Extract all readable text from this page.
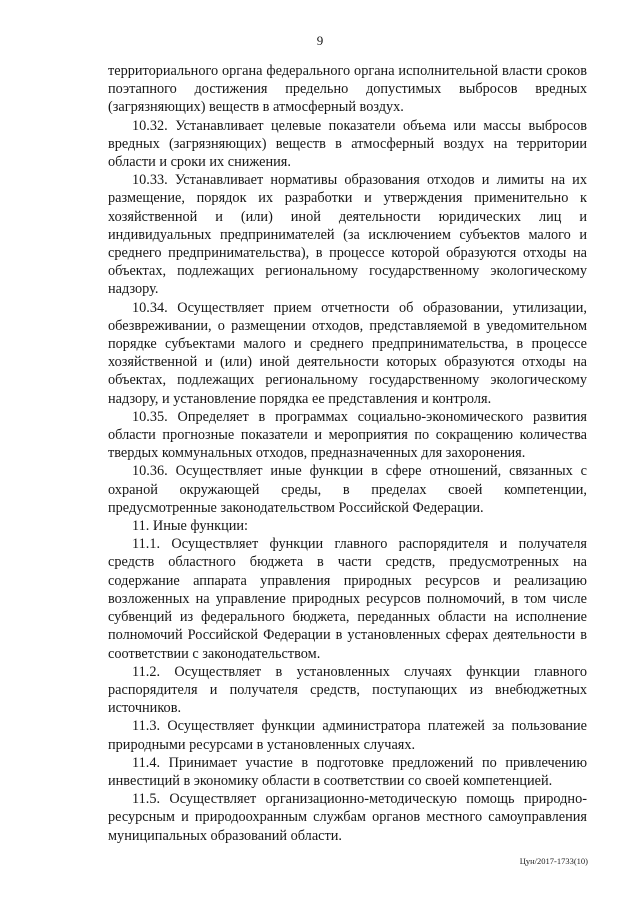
9

территориального органа федерального органа исполнительной власти сроков поэтапного достижения предельно допустимых выбросов вредных (загрязняющих) веществ в атмосферный воздух.

10.32. Устанавливает целевые показатели объема или массы выбросов вредных (загрязняющих) веществ в атмосферный воздух на территории области и сроки их снижения.

10.33. Устанавливает нормативы образования отходов и лимиты на их размещение, порядок их разработки и утверждения применительно к хозяйственной и (или) иной деятельности юридических лиц и индивидуальных предпринимателей (за исключением субъектов малого и среднего предпринимательства), в процессе которой образуются отходы на объектах, подлежащих региональному государственному экологическому надзору.

10.34. Осуществляет прием отчетности об образовании, утилизации, обезвреживании, о размещении отходов, представляемой в уведомительном порядке субъектами малого и среднего предпринимательства, в процессе хозяйственной и (или) иной деятельности которых образуются отходы на объектах, подлежащих региональному государственному экологическому надзору, и установление порядка ее представления и контроля.

10.35. Определяет в программах социально-экономического развития области прогнозные показатели и мероприятия по сокращению количества твердых коммунальных отходов, предназначенных для захоронения.

10.36. Осуществляет иные функции в сфере отношений, связанных с охраной окружающей среды, в пределах своей компетенции, предусмотренные законодательством Российской Федерации.

11. Иные функции:

11.1. Осуществляет функции главного распорядителя и получателя средств областного бюджета в части средств, предусмотренных на содержание аппарата управления природных ресурсов и реализацию возложенных на управление природных ресурсов полномочий, в том числе субвенций из федерального бюджета, переданных области на исполнение полномочий Российской Федерации в установленных сферах деятельности в соответствии с законодательством.

11.2. Осуществляет в установленных случаях функции главного распорядителя и получателя средств, поступающих из внебюджетных источников.

11.3. Осуществляет функции администратора платежей за пользование природными ресурсами в установленных случаях.

11.4. Принимает участие в подготовке предложений по привлечению инвестиций в экономику области в соответствии со своей компетенцией.

11.5. Осуществляет организационно-методическую помощь природно-ресурсным и природоохранным службам органов местного самоуправления муниципальных образований области.

Цун/2017-1733(10)
